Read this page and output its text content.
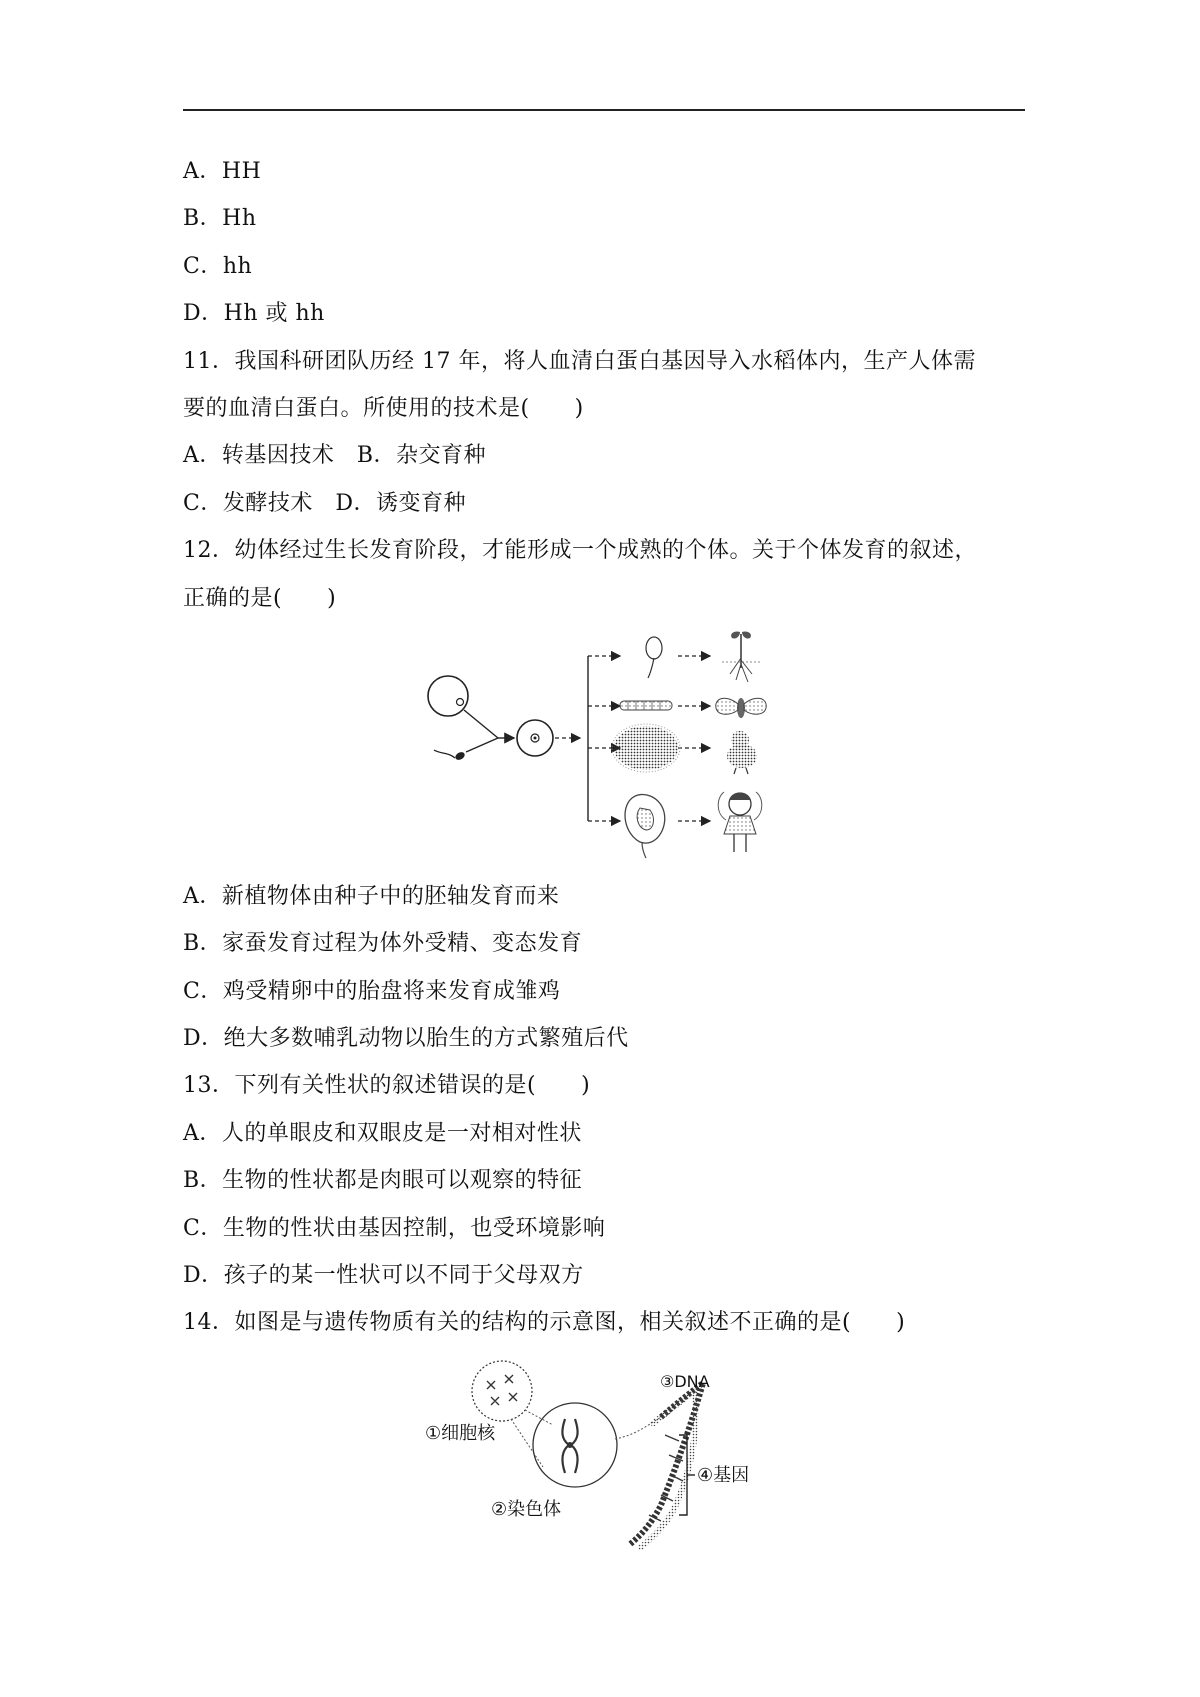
A．HH
B．Hh
C．hh
D．Hh 或 hh
11．我国科研团队历经 17 年，将人血清白蛋白基因导入水稻体内，生产人体需
要的血清白蛋白。所使用的技术是(　　)
A．转基因技术　B．杂交育种
C．发酵技术　D．诱变育种
12．幼体经过生长发育阶段，才能形成一个成熟的个体。关于个体发育的叙述，
正确的是(　　)
A．新植物体由种子中的胚轴发育而来
B．家蚕发育过程为体外受精、变态发育
C．鸡受精卵中的胎盘将来发育成雏鸡
D．绝大多数哺乳动物以胎生的方式繁殖后代
13．下列有关性状的叙述错误的是(　　)
A．人的单眼皮和双眼皮是一对相对性状
B．生物的性状都是肉眼可以观察的特征
C．生物的性状由基因控制，也受环境影响
D．孩子的某一性状可以不同于父母双方
14．如图是与遗传物质有关的结构的示意图，相关叙述不正确的是(　　)
①细胞核
②染色体
③DNA
④基因
